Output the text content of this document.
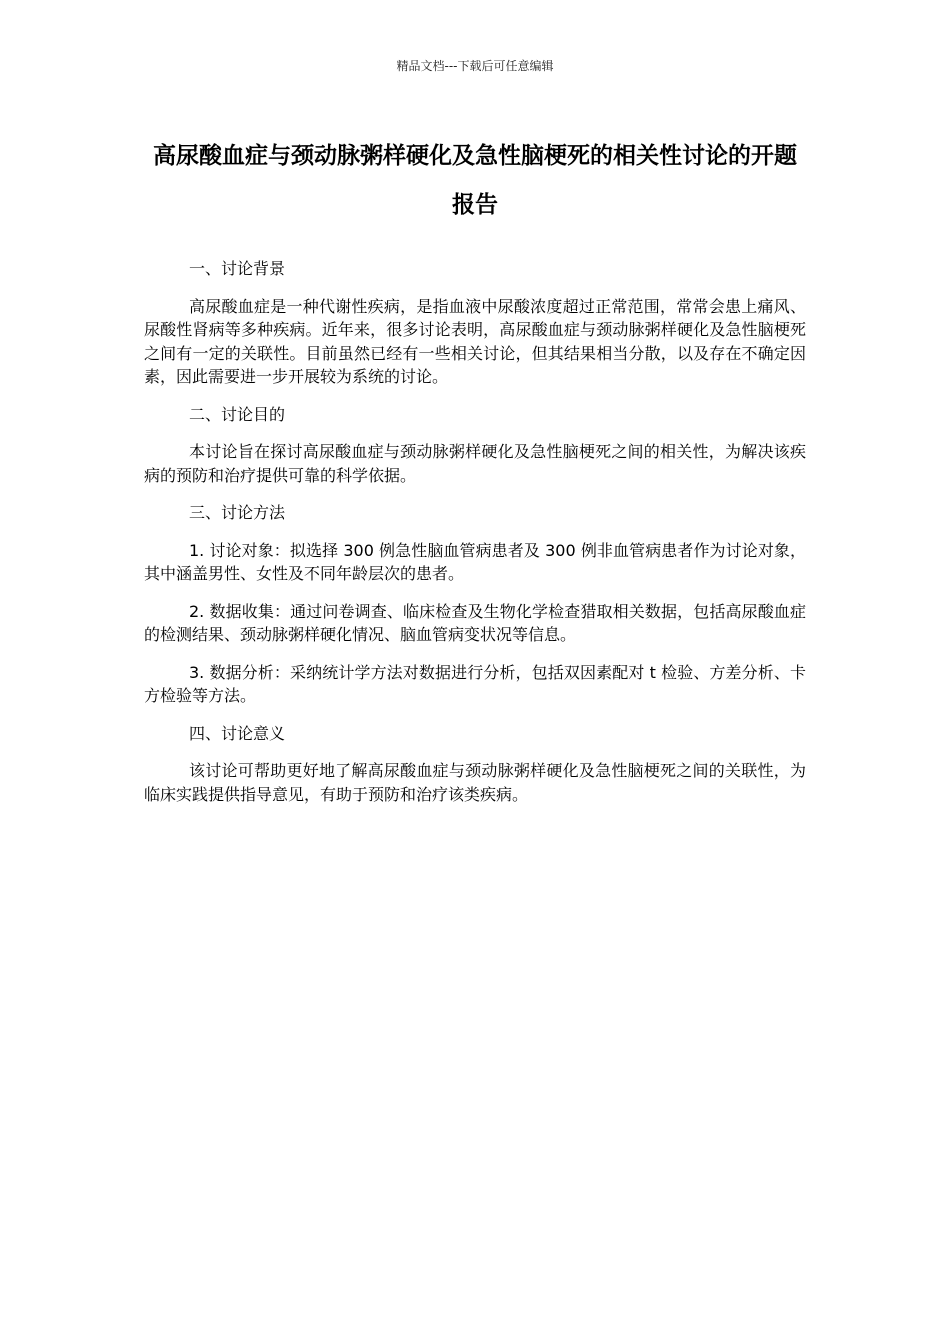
精品文档---下载后可任意编辑
高尿酸血症与颈动脉粥样硬化及急性脑梗死的相关性讨论的开题报告

一、讨论背景

高尿酸血症是一种代谢性疾病，是指血液中尿酸浓度超过正常范围，常常会患上痛风、尿酸性肾病等多种疾病。近年来，很多讨论表明，高尿酸血症与颈动脉粥样硬化及急性脑梗死之间有一定的关联性。目前虽然已经有一些相关讨论，但其结果相当分散，以及存在不确定因素，因此需要进一步开展较为系统的讨论。

二、讨论目的

本讨论旨在探讨高尿酸血症与颈动脉粥样硬化及急性脑梗死之间的相关性，为解决该疾病的预防和治疗提供可靠的科学依据。

三、讨论方法

1. 讨论对象：拟选择 300 例急性脑血管病患者及 300 例非血管病患者作为讨论对象，其中涵盖男性、女性及不同年龄层次的患者。

2. 数据收集：通过问卷调查、临床检查及生物化学检查猎取相关数据，包括高尿酸血症的检测结果、颈动脉粥样硬化情况、脑血管病变状况等信息。

3. 数据分析：采纳统计学方法对数据进行分析，包括双因素配对 t 检验、方差分析、卡方检验等方法。

四、讨论意义

该讨论可帮助更好地了解高尿酸血症与颈动脉粥样硬化及急性脑梗死之间的关联性，为临床实践提供指导意见，有助于预防和治疗该类疾病。
